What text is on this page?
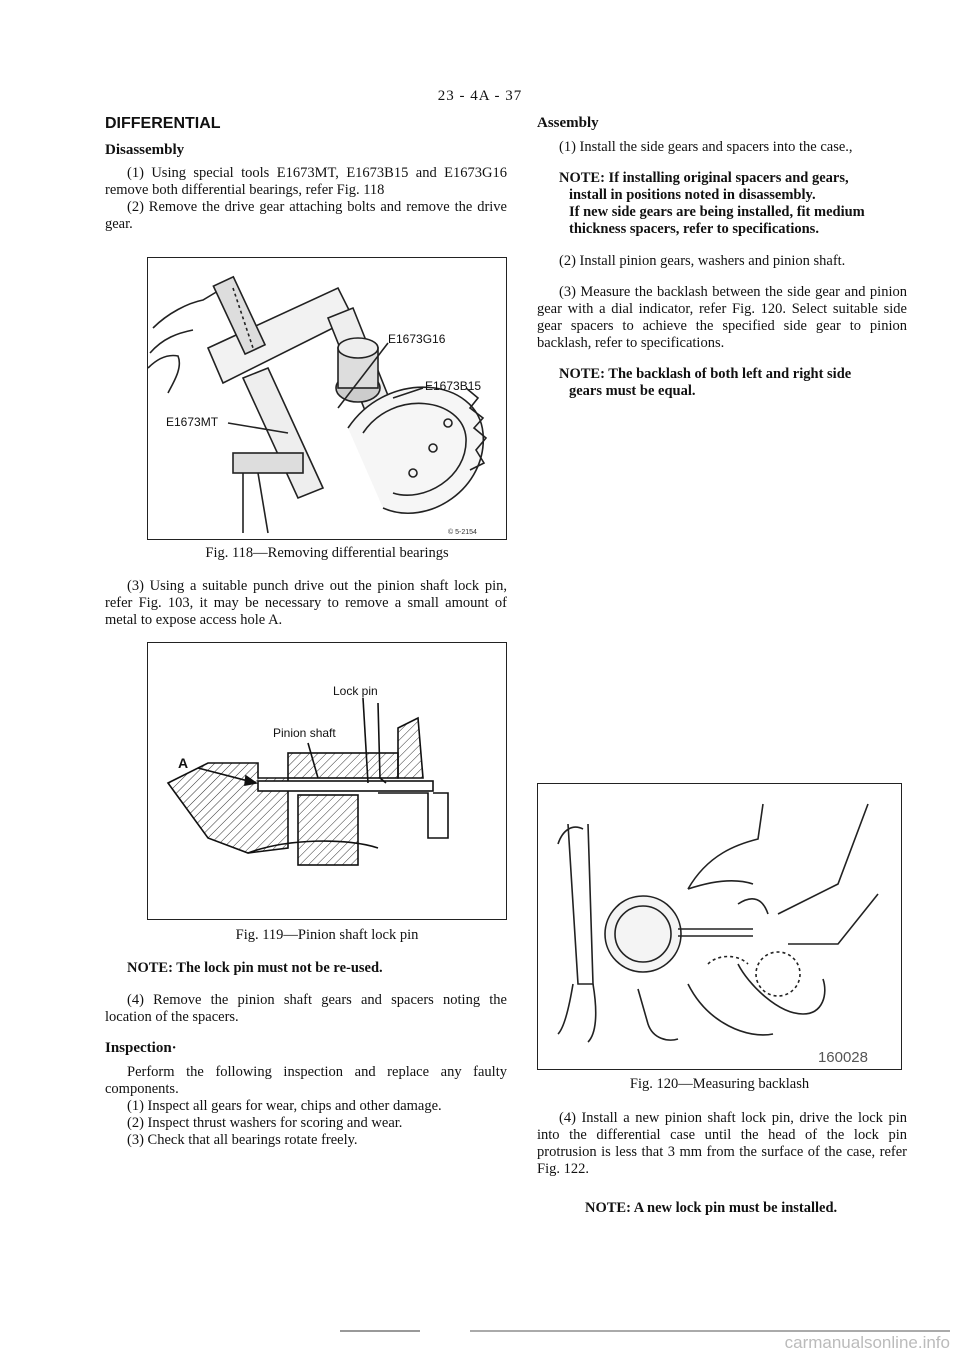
23 - 4A - 37

DIFFERENTIAL

Disassembly

(1) Using special tools E1673MT, E1673B15 and E1673G16 remove both differential bearings, refer Fig. 118

(2) Remove the drive gear attaching bolts and remove the drive gear.

E1673G16
E1673B15
E1673MT
© 5-2154
Fig. 118—Removing differential bearings

(3) Using a suitable punch drive out the pinion shaft lock pin, refer Fig. 103, it may be necessary to remove a small amount of metal to expose access hole A.

Lock pin
Pinion shaft
A
Fig. 119—Pinion shaft lock pin

NOTE: The lock pin must not be re-used.

(4) Remove the pinion shaft gears and spacers noting the location of the spacers.

Inspection·

Perform the following inspection and replace any faulty components.

(1) Inspect all gears for wear, chips and other damage.

(2) Inspect thrust washers for scoring and wear.

(3) Check that all bearings rotate freely.

Assembly

(1) Install the side gears and spacers into the case.,

NOTE: If installing original spacers and gears,
install in positions noted in disassembly.
If new side gears are being installed, fit medium
thickness spacers, refer to specifications.

(2) Install pinion gears, washers and pinion shaft.

(3) Measure the backlash between the side gear and pinion gear with a dial indicator, refer Fig. 120. Select suitable side gear spacers to achieve the specified side gear to pinion backlash, refer to specifications.

NOTE: The backlash of both left and right side
gears must be equal.
160028
Fig. 120—Measuring backlash

(4) Install a new pinion shaft lock pin, drive the lock pin into the differential case until the head of the lock pin protrusion is less that 3 mm from the surface of the case, refer Fig. 122.

NOTE: A new lock pin must be installed.

carmanualsonline.info
